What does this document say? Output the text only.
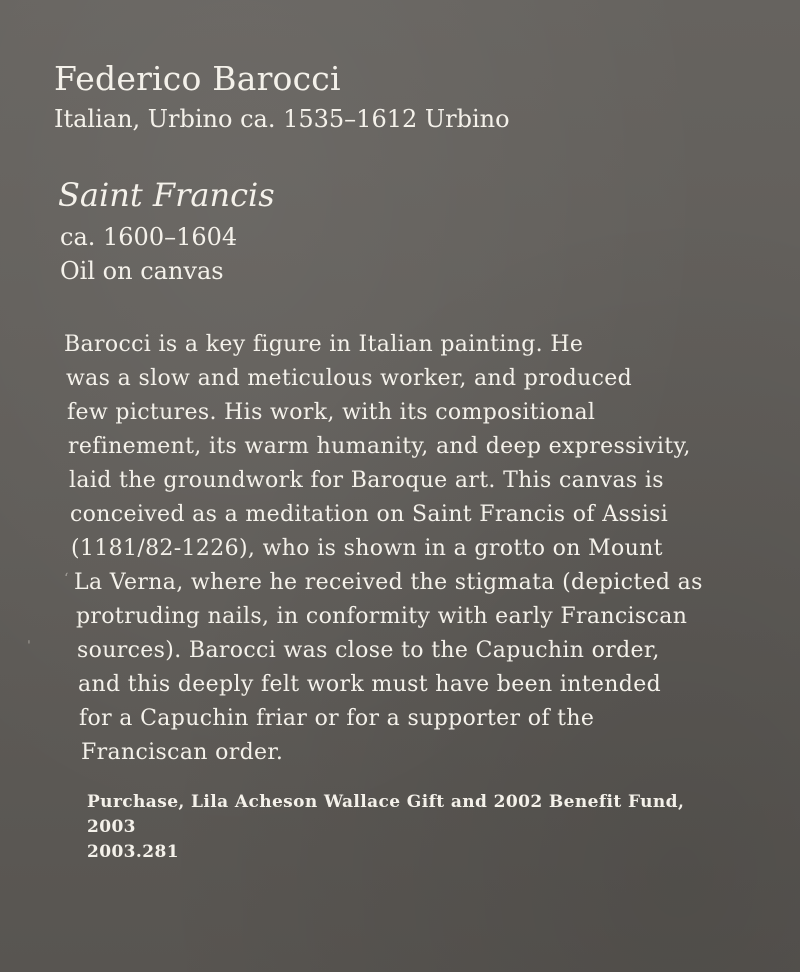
Federico Barocci
Italian, Urbino ca. 1535–1612 Urbino
Saint Francis
ca. 1600–1604
Oil on canvas
Barocci is a key figure in Italian painting. He
was a slow and meticulous worker, and produced
few pictures. His work, with its compositional
refinement, its warm humanity, and deep expressivity,
laid the groundwork for Baroque art. This canvas is
conceived as a meditation on Saint Francis of Assisi
(1181/82-1226), who is shown in a grotto on Mount
La Verna, where he received the stigmata (depicted as
protruding nails, in conformity with early Franciscan
sources). Barocci was close to the Capuchin order,
and this deeply felt work must have been intended
for a Capuchin friar or for a supporter of the
Franciscan order.
Purchase, Lila Acheson Wallace Gift and 2002 Benefit Fund,
2003
2003.281
ʻ
ˈ
